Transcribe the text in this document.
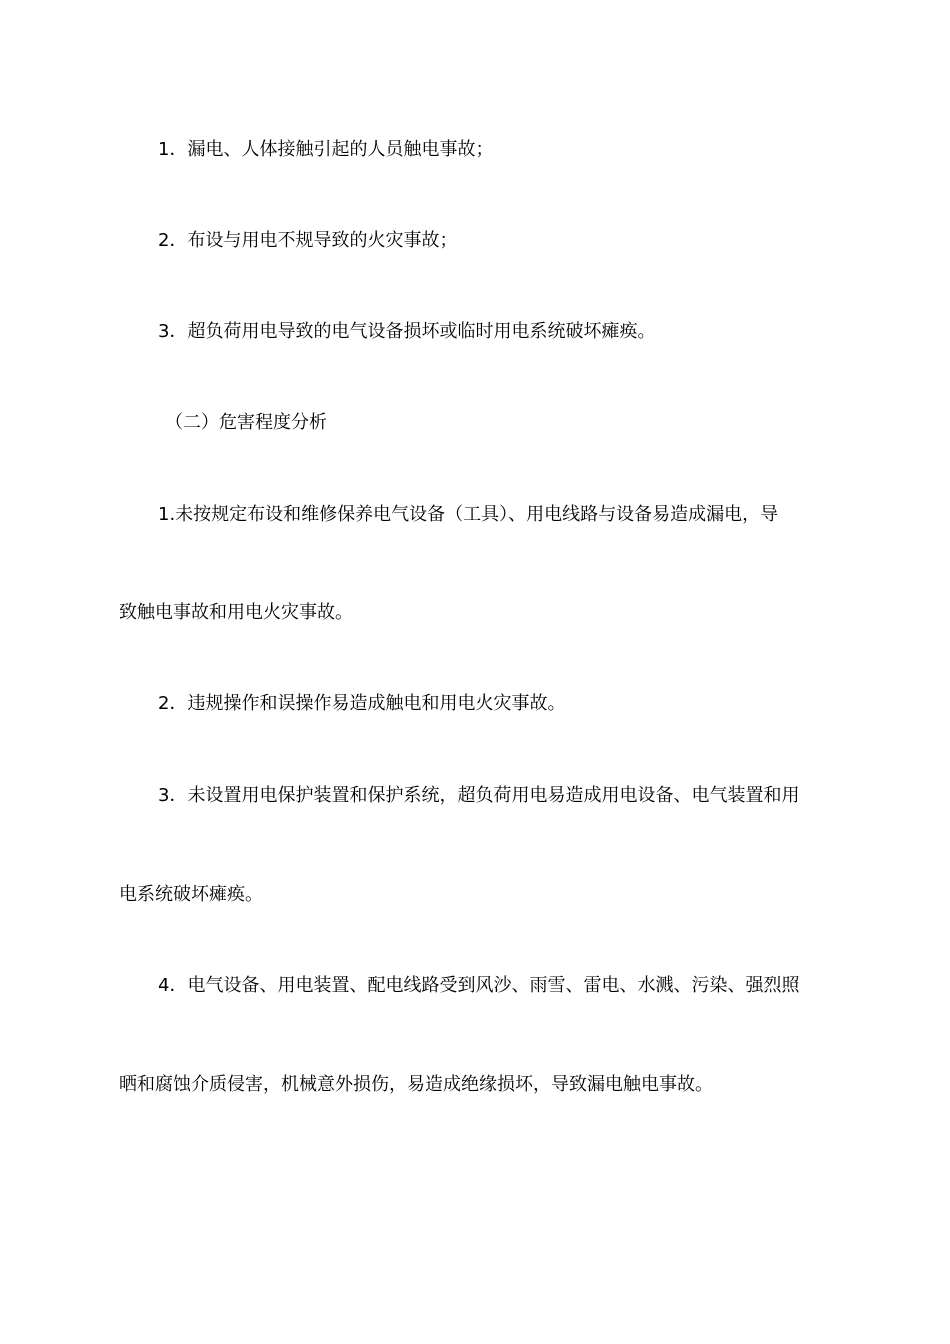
1．漏电、人体接触引起的人员触电事故；
2．布设与用电不规导致的火灾事故；
3．超负荷用电导致的电气设备损坏或临时用电系统破坏瘫痪。
（二）危害程度分析
1.未按规定布设和维修保养电气设备（工具）、用电线路与设备易造成漏电，导
致触电事故和用电火灾事故。
2．违规操作和误操作易造成触电和用电火灾事故。
3．未设置用电保护装置和保护系统，超负荷用电易造成用电设备、电气装置和用
电系统破坏瘫痪。
4．电气设备、用电装置、配电线路受到风沙、雨雪、雷电、水溅、污染、强烈照
晒和腐蚀介质侵害，机械意外损伤，易造成绝缘损坏，导致漏电触电事故。
